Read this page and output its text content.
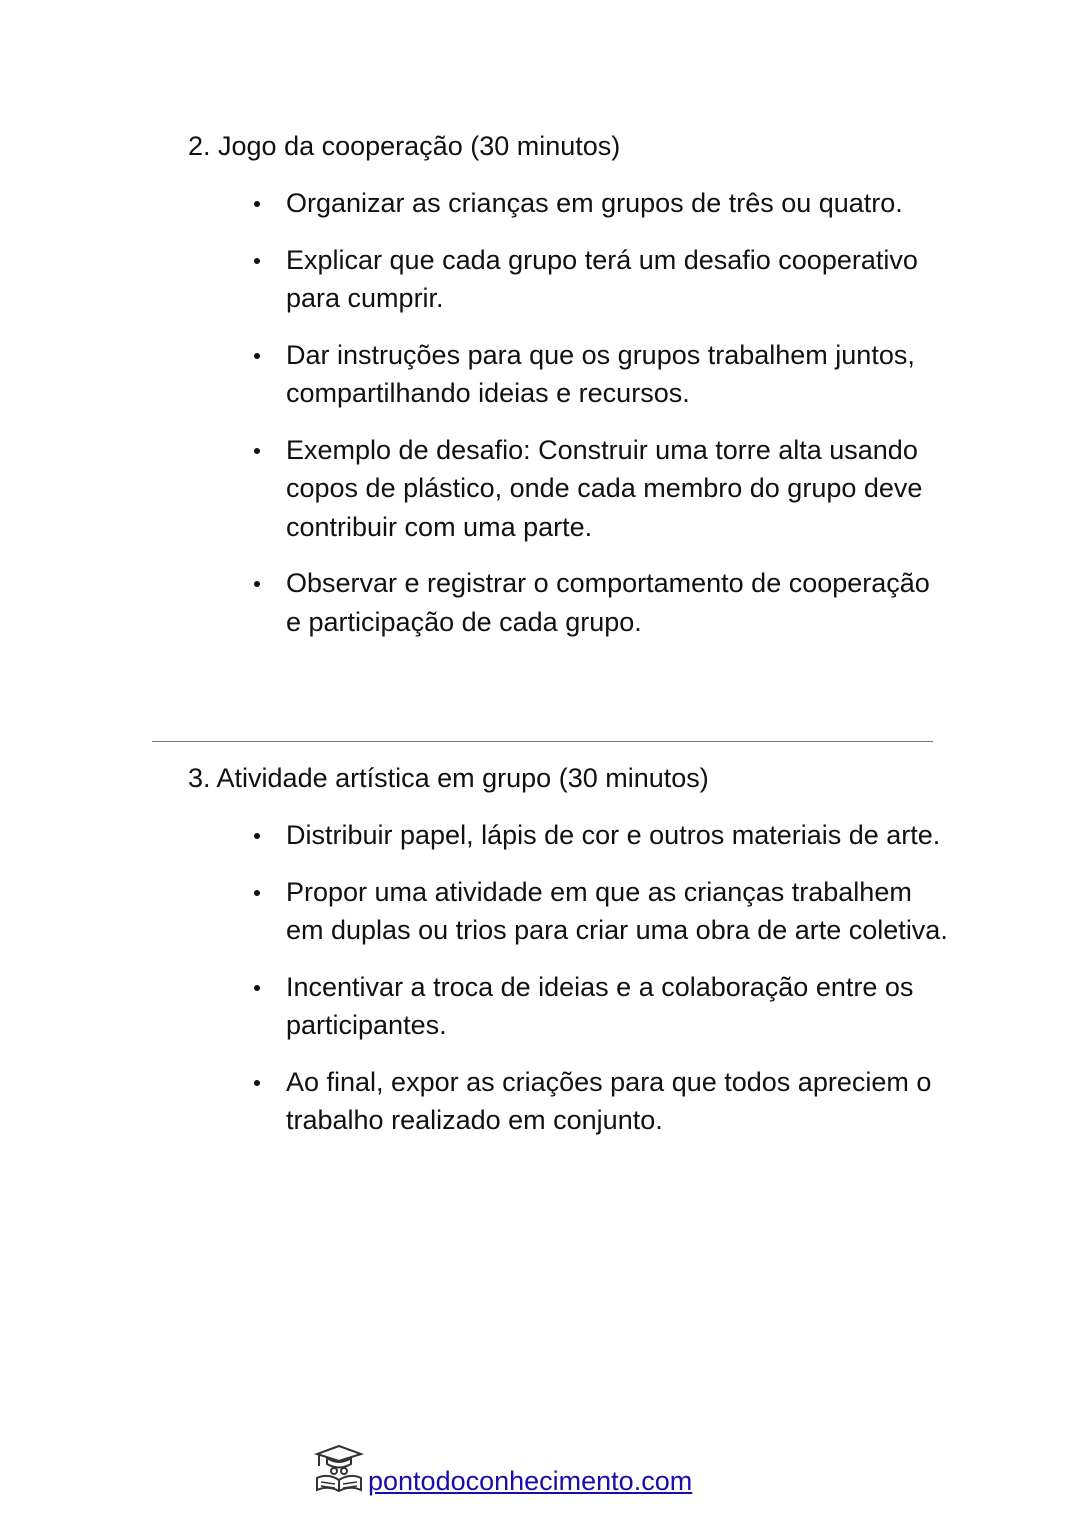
2. Jogo da cooperação (30 minutos)
Organizar as crianças em grupos de três ou quatro.
Explicar que cada grupo terá um desafio cooperativo para cumprir.
Dar instruções para que os grupos trabalhem juntos, compartilhando ideias e recursos.
Exemplo de desafio: Construir uma torre alta usando copos de plástico, onde cada membro do grupo deve contribuir com uma parte.
Observar e registrar o comportamento de cooperação e participação de cada grupo.
3. Atividade artística em grupo (30 minutos)
Distribuir papel, lápis de cor e outros materiais de arte.
Propor uma atividade em que as crianças trabalhem em duplas ou trios para criar uma obra de arte coletiva.
Incentivar a troca de ideias e a colaboração entre os participantes.
Ao final, expor as criações para que todos apreciem o trabalho realizado em conjunto.
pontodoconhecimento.com
